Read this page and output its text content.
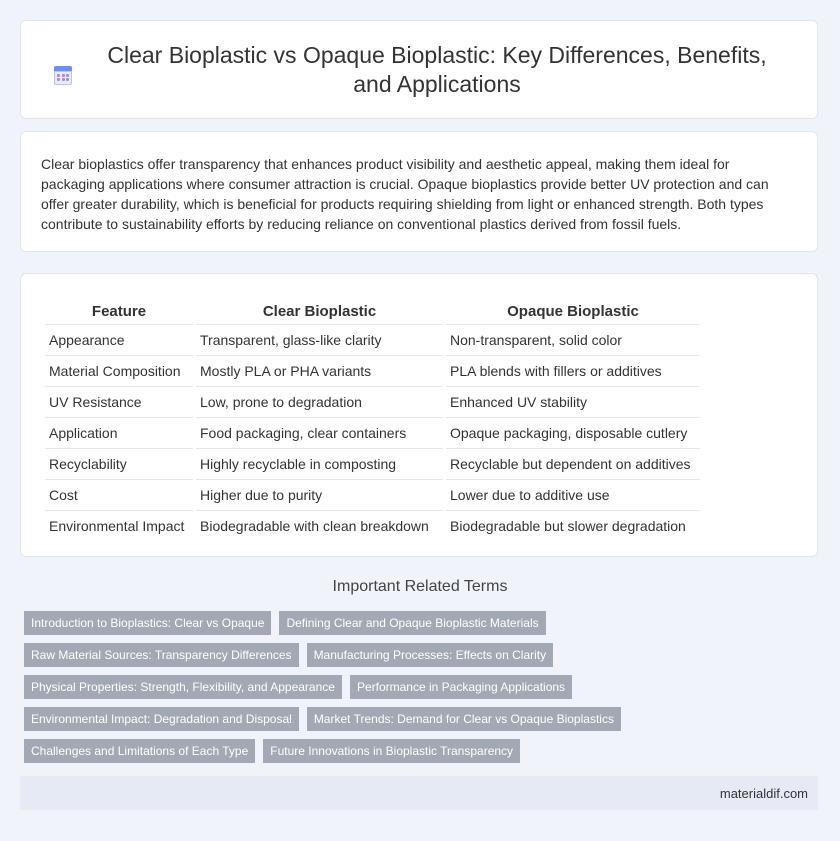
Clear Bioplastic vs Opaque Bioplastic: Key Differences, Benefits, and Applications

Clear bioplastics offer transparency that enhances product visibility and aesthetic appeal, making them ideal for packaging applications where consumer attraction is crucial. Opaque bioplastics provide better UV protection and can offer greater durability, which is beneficial for products requiring shielding from light or enhanced strength. Both types contribute to sustainability efforts by reducing reliance on conventional plastics derived from fossil fuels.

Feature	Clear Bioplastic	Opaque Bioplastic
Appearance	Transparent, glass-like clarity	Non-transparent, solid color
Material Composition	Mostly PLA or PHA variants	PLA blends with fillers or additives
UV Resistance	Low, prone to degradation	Enhanced UV stability
Application	Food packaging, clear containers	Opaque packaging, disposable cutlery
Recyclability	Highly recyclable in composting	Recyclable but dependent on additives
Cost	Higher due to purity	Lower due to additive use
Environmental Impact	Biodegradable with clean breakdown	Biodegradable but slower degradation
Important Related Terms
Introduction to Bioplastics: Clear vs Opaque	Defining Clear and Opaque Bioplastic Materials
Raw Material Sources: Transparency Differences	Manufacturing Processes: Effects on Clarity
Physical Properties: Strength, Flexibility, and Appearance	Performance in Packaging Applications
Environmental Impact: Degradation and Disposal	Market Trends: Demand for Clear vs Opaque Bioplastics
Challenges and Limitations of Each Type	Future Innovations in Bioplastic Transparency
materialdif.com
